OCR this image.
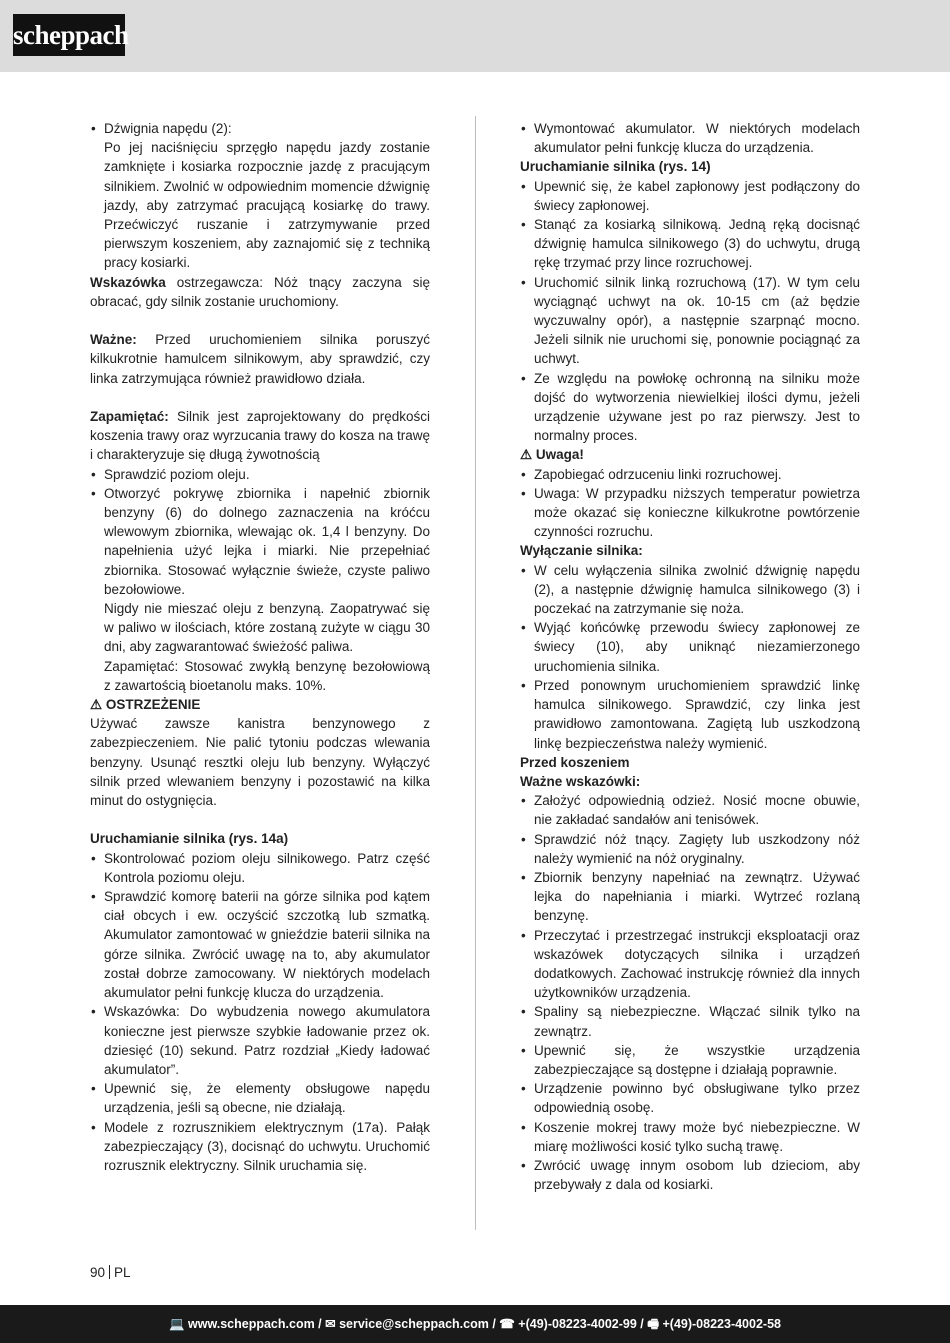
scheppach
• Dźwignia napędu (2):
Po jej naciśnięciu sprzęgło napędu jazdy zostanie zamknięte i kosiarka rozpocznie jazdę z pracującym silnikiem. Zwolnić w odpowiednim momencie dźwignię jazdy, aby zatrzymać pracującą kosiarkę do trawy. Przećwiczyć ruszanie i zatrzymywanie przed pierwszym koszeniem, aby zaznajomić się z techniką pracy kosiarki.

Wskazówka ostrzegawcza: Nóż tnący zaczyna się obracać, gdy silnik zostanie uruchomiony.

Ważne: Przed uruchomieniem silnika poruszyć kilkukrotnie hamulcem silnikowym, aby sprawdzić, czy linka zatrzymująca również prawidłowo działa.

Zapamiętać: Silnik jest zaprojektowany do prędkości koszenia trawy oraz wyrzucania trawy do kosza na trawę i charakteryzuje się długą żywotnością

• Sprawdzić poziom oleju.
• Otworzyć pokrywę zbiornika i napełnić zbiornik benzyny (6) do dolnego zaznaczenia na króćcu wlewowym zbiornika, wlewając ok. 1,4 l benzyny. Do napełnienia użyć lejka i miarki. Nie przepełniać zbiornika. Stosować wyłącznie świeże, czyste paliwo bezołowiowe.
Nigdy nie mieszać oleju z benzyną. Zaopatrywać się w paliwo w ilościach, które zostaną zużyte w ciągu 30 dni, aby zagwarantować świeżość paliwa.
Zapamiętać: Stosować zwykłą benzynę bezołowiową z zawartością bioetanolu maks. 10%.

⚠ OSTRZEŻENIE

Używać zawsze kanistra benzynowego z zabezpieczeniem. Nie palić tytoniu podczas wlewania benzyny. Usunąć resztki oleju lub benzyny. Wyłączyć silnik przed wlewaniem benzyny i pozostawić na kilka minut do ostygnięcia.

Uruchamianie silnika (rys. 14a)

• Skontrolować poziom oleju silnikowego. Patrz część Kontrola poziomu oleju.
• Sprawdzić komorę baterii na górze silnika pod kątem ciał obcych i ew. oczyścić szczotką lub szmatką. Akumulator zamontować w gnieździe baterii silnika na górze silnika. Zwrócić uwagę na to, aby akumulator został dobrze zamocowany. W niektórych modelach akumulator pełni funkcję klucza do urządzenia.
• Wskazówka: Do wybudzenia nowego akumulatora konieczne jest pierwsze szybkie ładowanie przez ok. dziesięć (10) sekund. Patrz rozdział „Kiedy ładować akumulator”.
• Upewnić się, że elementy obsługowe napędu urządzenia, jeśli są obecne, nie działają.
• Modele z rozrusznikiem elektrycznym (17a). Pałąk zabezpieczający (3), docisnąć do uchwytu. Uruchomić rozrusznik elektryczny. Silnik uruchamia się.
• Wymontować akumulator. W niektórych modelach akumulator pełni funkcję klucza do urządzenia.

Uruchamianie silnika (rys. 14)

• Upewnić się, że kabel zapłonowy jest podłączony do świecy zapłonowej.
• Stanąć za kosiarką silnikową. Jedną ręką docisnąć dźwignię hamulca silnikowego (3) do uchwytu, drugą rękę trzymać przy lince rozruchowej.
• Uruchomić silnik linką rozruchową (17). W tym celu wyciągnąć uchwyt na ok. 10-15 cm (aż będzie wyczuwalny opór), a następnie szarpnąć mocno. Jeżeli silnik nie uruchomi się, ponownie pociągnąć za uchwyt.
• Ze względu na powłokę ochronną na silniku może dojść do wytworzenia niewielkiej ilości dymu, jeżeli urządzenie używane jest po raz pierwszy. Jest to normalny proces.

⚠ Uwaga!

• Zapobiegać odrzuceniu linki rozruchowej.
• Uwaga: W przypadku niższych temperatur powietrza może okazać się konieczne kilkukrotne powtórzenie czynności rozruchu.

Wyłączanie silnika:

• W celu wyłączenia silnika zwolnić dźwignię napędu (2), a następnie dźwignię hamulca silnikowego (3) i poczekać na zatrzymanie się noża.
• Wyjąć końcówkę przewodu świecy zapłonowej ze świecy (10), aby uniknąć niezamierzonego uruchomienia silnika.
• Przed ponownym uruchomieniem sprawdzić linkę hamulca silnikowego. Sprawdzić, czy linka jest prawidłowo zamontowana. Zagiętą lub uszkodzoną linkę bezpieczeństwa należy wymienić.

Przed koszeniem

Ważne wskazówki:

• Założyć odpowiednią odzież. Nosić mocne obuwie, nie zakładać sandałów ani tenisówek.
• Sprawdzić nóż tnący. Zagięty lub uszkodzony nóż należy wymienić na nóż oryginalny.
• Zbiornik benzyny napełniać na zewnątrz. Używać lejka do napełniania i miarki. Wytrzeć rozlaną benzynę.
• Przeczytać i przestrzegać instrukcji eksploatacji oraz wskazówek dotyczących silnika i urządzeń dodatkowych. Zachować instrukcję również dla innych użytkowników urządzenia.
• Spaliny są niebezpieczne. Włączać silnik tylko na zewnątrz.
• Upewnić się, że wszystkie urządzenia zabezpieczające są dostępne i działają poprawnie.
• Urządzenie powinno być obsługiwane tylko przez odpowiednią osobę.
• Koszenie mokrej trawy może być niebezpieczne. W miarę możliwości kosić tylko suchą trawę.
• Zwrócić uwagę innym osobom lub dzieciom, aby przebywały z dala od kosiarki.
90 PL
💻 www.scheppach.com / ✉ service@scheppach.com / ☎ +(49)-08223-4002-99 / 🖷 +(49)-08223-4002-58
